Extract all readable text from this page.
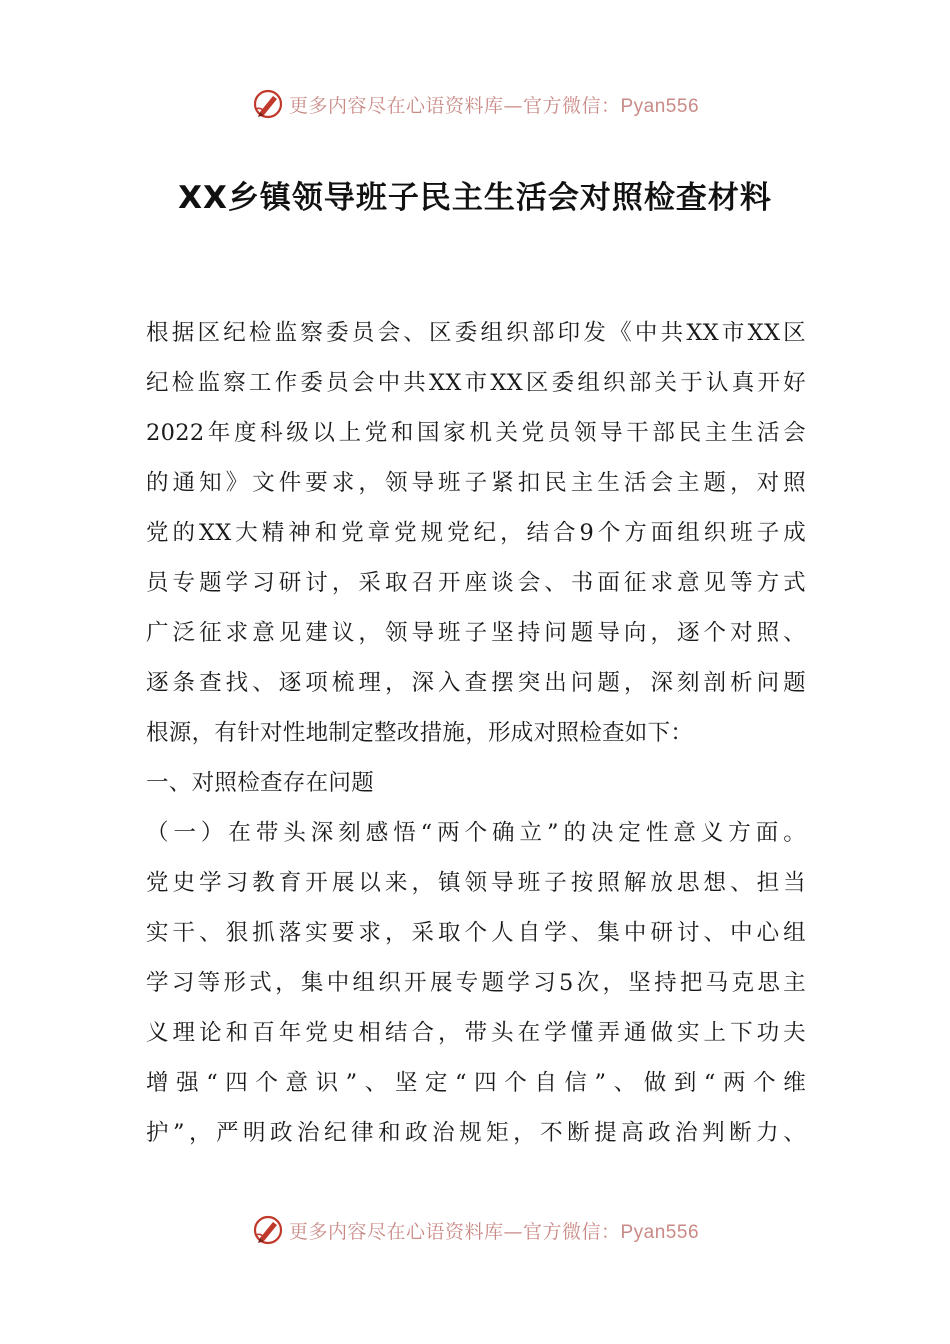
更多内容尽在心语资料库—官方微信：Pyan556
XX乡镇领导班子民主生活会对照检查材料
根据区纪检监察委员会、区委组织部印发《中共XX市XX区
纪检监察工作委员会中共XX市XX区委组织部关于认真开好
2022年度科级以上党和国家机关党员领导干部民主生活会
的通知》文件要求，领导班子紧扣民主生活会主题，对照
党的XX大精神和党章党规党纪，结合9个方面组织班子成
员专题学习研讨，采取召开座谈会、书面征求意见等方式
广泛征求意见建议，领导班子坚持问题导向，逐个对照、
逐条查找、逐项梳理，深入查摆突出问题，深刻剖析问题
根源，有针对性地制定整改措施，形成对照检查如下：
一、对照检查存在问题
（一）在带头深刻感悟“两个确立”的决定性意义方面。
党史学习教育开展以来，镇领导班子按照解放思想、担当
实干、狠抓落实要求，采取个人自学、集中研讨、中心组
学习等形式，集中组织开展专题学习5次，坚持把马克思主
义理论和百年党史相结合，带头在学懂弄通做实上下功夫
增强“四个意识”、坚定“四个自信”、做到“两个维
护”，严明政治纪律和政治规矩，不断提高政治判断力、
更多内容尽在心语资料库—官方微信：Pyan556
